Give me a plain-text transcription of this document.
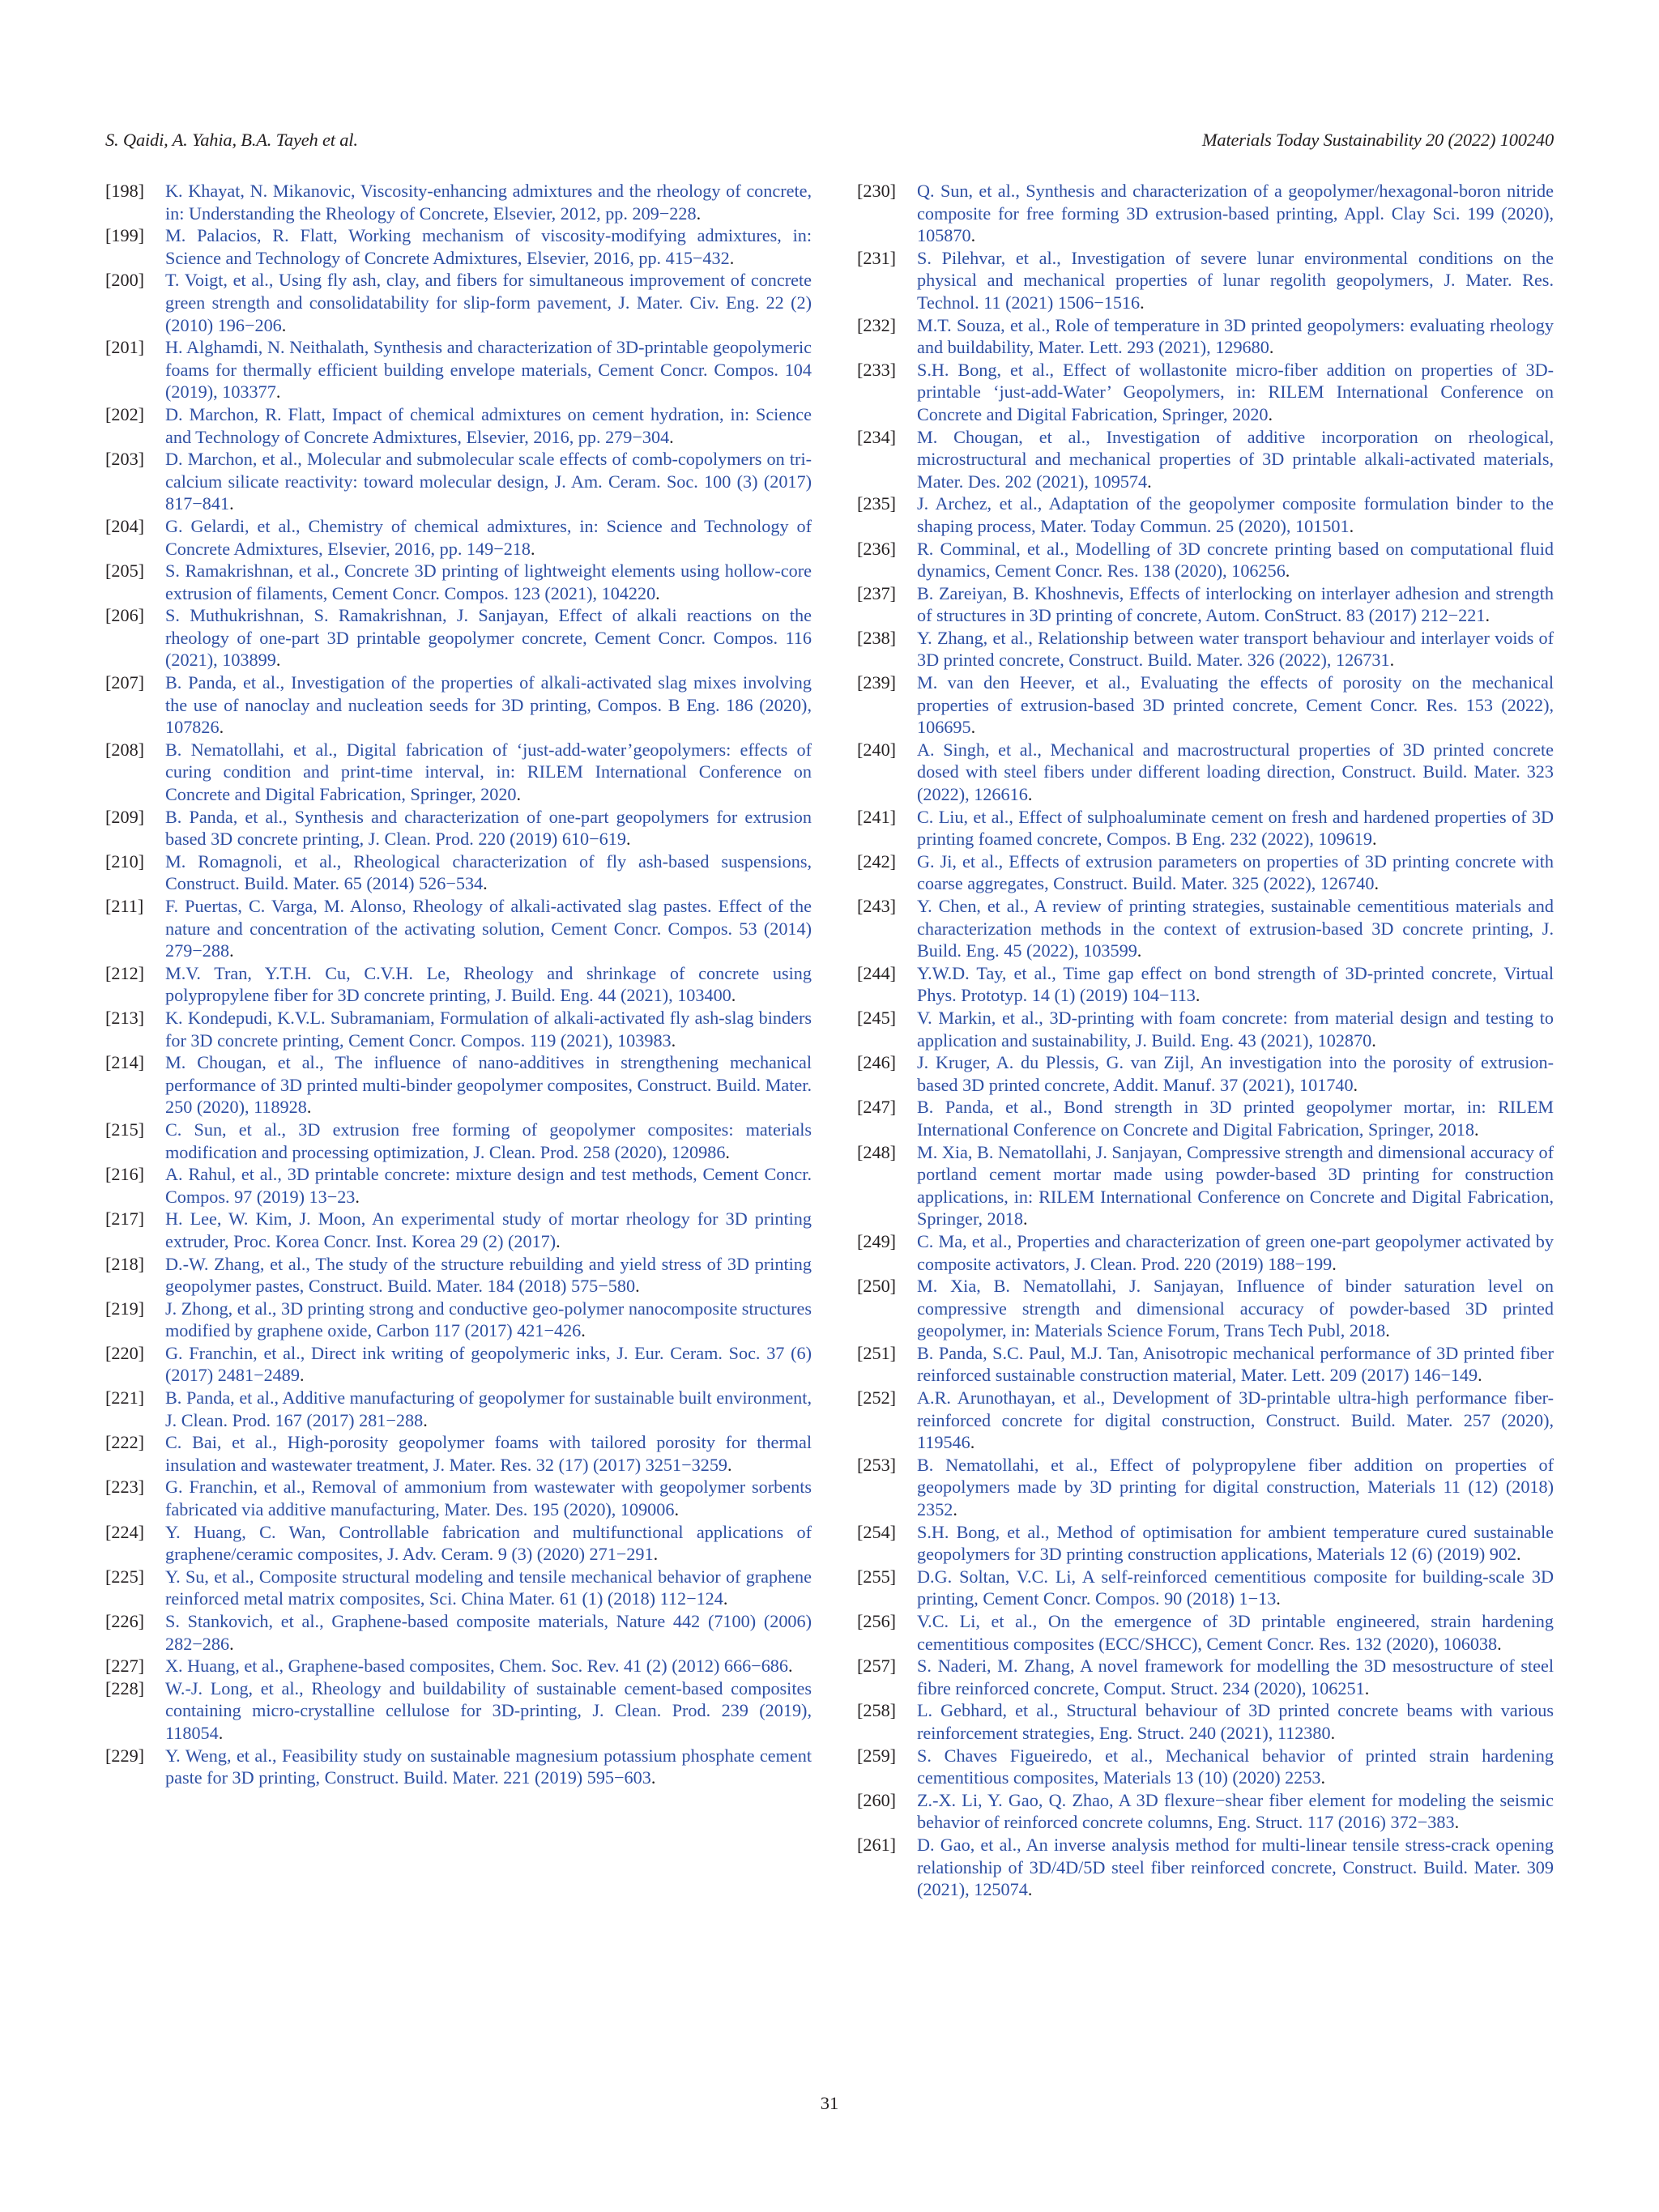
S. Qaidi, A. Yahia, B.A. Tayeh et al.	Materials Today Sustainability 20 (2022) 100240
[198]	K. Khayat, N. Mikanovic, Viscosity-enhancing admixtures and the rheology of concrete, in: Understanding the Rheology of Concrete, Elsevier, 2012, pp. 209−228.
[199]	M. Palacios, R. Flatt, Working mechanism of viscosity-modifying admixtures, in: Science and Technology of Concrete Admixtures, Elsevier, 2016, pp. 415−432.
[200]	T. Voigt, et al., Using fly ash, clay, and fibers for simultaneous improvement of concrete green strength and consolidatability for slip-form pavement, J. Mater. Civ. Eng. 22 (2) (2010) 196−206.
[201]	H. Alghamdi, N. Neithalath, Synthesis and characterization of 3D-printable geopolymeric foams for thermally efficient building envelope materials, Cement Concr. Compos. 104 (2019), 103377.
[202]	D. Marchon, R. Flatt, Impact of chemical admixtures on cement hydration, in: Science and Technology of Concrete Admixtures, Elsevier, 2016, pp. 279−304.
[203]	D. Marchon, et al., Molecular and submolecular scale effects of comb-copolymers on tri-calcium silicate reactivity: toward molecular design, J. Am. Ceram. Soc. 100 (3) (2017) 817−841.
[204]	G. Gelardi, et al., Chemistry of chemical admixtures, in: Science and Technology of Concrete Admixtures, Elsevier, 2016, pp. 149−218.
[205]	S. Ramakrishnan, et al., Concrete 3D printing of lightweight elements using hollow-core extrusion of filaments, Cement Concr. Compos. 123 (2021), 104220.
[206]	S. Muthukrishnan, S. Ramakrishnan, J. Sanjayan, Effect of alkali reactions on the rheology of one-part 3D printable geopolymer concrete, Cement Concr. Compos. 116 (2021), 103899.
[207]	B. Panda, et al., Investigation of the properties of alkali-activated slag mixes involving the use of nanoclay and nucleation seeds for 3D printing, Compos. B Eng. 186 (2020), 107826.
[208]	B. Nematollahi, et al., Digital fabrication of ‘just-add-water’geopolymers: effects of curing condition and print-time interval, in: RILEM International Conference on Concrete and Digital Fabrication, Springer, 2020.
[209]	B. Panda, et al., Synthesis and characterization of one-part geopolymers for extrusion based 3D concrete printing, J. Clean. Prod. 220 (2019) 610−619.
[210]	M. Romagnoli, et al., Rheological characterization of fly ash-based suspensions, Construct. Build. Mater. 65 (2014) 526−534.
[211]	F. Puertas, C. Varga, M. Alonso, Rheology of alkali-activated slag pastes. Effect of the nature and concentration of the activating solution, Cement Concr. Compos. 53 (2014) 279−288.
[212]	M.V. Tran, Y.T.H. Cu, C.V.H. Le, Rheology and shrinkage of concrete using polypropylene fiber for 3D concrete printing, J. Build. Eng. 44 (2021), 103400.
[213]	K. Kondepudi, K.V.L. Subramaniam, Formulation of alkali-activated fly ash-slag binders for 3D concrete printing, Cement Concr. Compos. 119 (2021), 103983.
[214]	M. Chougan, et al., The influence of nano-additives in strengthening mechanical performance of 3D printed multi-binder geopolymer composites, Construct. Build. Mater. 250 (2020), 118928.
[215]	C. Sun, et al., 3D extrusion free forming of geopolymer composites: materials modification and processing optimization, J. Clean. Prod. 258 (2020), 120986.
[216]	A. Rahul, et al., 3D printable concrete: mixture design and test methods, Cement Concr. Compos. 97 (2019) 13−23.
[217]	H. Lee, W. Kim, J. Moon, An experimental study of mortar rheology for 3D printing extruder, Proc. Korea Concr. Inst. Korea 29 (2) (2017).
[218]	D.-W. Zhang, et al., The study of the structure rebuilding and yield stress of 3D printing geopolymer pastes, Construct. Build. Mater. 184 (2018) 575−580.
[219]	J. Zhong, et al., 3D printing strong and conductive geo-polymer nanocomposite structures modified by graphene oxide, Carbon 117 (2017) 421−426.
[220]	G. Franchin, et al., Direct ink writing of geopolymeric inks, J. Eur. Ceram. Soc. 37 (6) (2017) 2481−2489.
[221]	B. Panda, et al., Additive manufacturing of geopolymer for sustainable built environment, J. Clean. Prod. 167 (2017) 281−288.
[222]	C. Bai, et al., High-porosity geopolymer foams with tailored porosity for thermal insulation and wastewater treatment, J. Mater. Res. 32 (17) (2017) 3251−3259.
[223]	G. Franchin, et al., Removal of ammonium from wastewater with geopolymer sorbents fabricated via additive manufacturing, Mater. Des. 195 (2020), 109006.
[224]	Y. Huang, C. Wan, Controllable fabrication and multifunctional applications of graphene/ceramic composites, J. Adv. Ceram. 9 (3) (2020) 271−291.
[225]	Y. Su, et al., Composite structural modeling and tensile mechanical behavior of graphene reinforced metal matrix composites, Sci. China Mater. 61 (1) (2018) 112−124.
[226]	S. Stankovich, et al., Graphene-based composite materials, Nature 442 (7100) (2006) 282−286.
[227]	X. Huang, et al., Graphene-based composites, Chem. Soc. Rev. 41 (2) (2012) 666−686.
[228]	W.-J. Long, et al., Rheology and buildability of sustainable cement-based composites containing micro-crystalline cellulose for 3D-printing, J. Clean. Prod. 239 (2019), 118054.
[229]	Y. Weng, et al., Feasibility study on sustainable magnesium potassium phosphate cement paste for 3D printing, Construct. Build. Mater. 221 (2019) 595−603.
[230]	Q. Sun, et al., Synthesis and characterization of a geopolymer/hexagonal-boron nitride composite for free forming 3D extrusion-based printing, Appl. Clay Sci. 199 (2020), 105870.
[231]	S. Pilehvar, et al., Investigation of severe lunar environmental conditions on the physical and mechanical properties of lunar regolith geopolymers, J. Mater. Res. Technol. 11 (2021) 1506−1516.
[232]	M.T. Souza, et al., Role of temperature in 3D printed geopolymers: evaluating rheology and buildability, Mater. Lett. 293 (2021), 129680.
[233]	S.H. Bong, et al., Effect of wollastonite micro-fiber addition on properties of 3D-printable ‘just-add-Water’ Geopolymers, in: RILEM International Conference on Concrete and Digital Fabrication, Springer, 2020.
[234]	M. Chougan, et al., Investigation of additive incorporation on rheological, microstructural and mechanical properties of 3D printable alkali-activated materials, Mater. Des. 202 (2021), 109574.
[235]	J. Archez, et al., Adaptation of the geopolymer composite formulation binder to the shaping process, Mater. Today Commun. 25 (2020), 101501.
[236]	R. Comminal, et al., Modelling of 3D concrete printing based on computational fluid dynamics, Cement Concr. Res. 138 (2020), 106256.
[237]	B. Zareiyan, B. Khoshnevis, Effects of interlocking on interlayer adhesion and strength of structures in 3D printing of concrete, Autom. ConStruct. 83 (2017) 212−221.
[238]	Y. Zhang, et al., Relationship between water transport behaviour and interlayer voids of 3D printed concrete, Construct. Build. Mater. 326 (2022), 126731.
[239]	M. van den Heever, et al., Evaluating the effects of porosity on the mechanical properties of extrusion-based 3D printed concrete, Cement Concr. Res. 153 (2022), 106695.
[240]	A. Singh, et al., Mechanical and macrostructural properties of 3D printed concrete dosed with steel fibers under different loading direction, Construct. Build. Mater. 323 (2022), 126616.
[241]	C. Liu, et al., Effect of sulphoaluminate cement on fresh and hardened properties of 3D printing foamed concrete, Compos. B Eng. 232 (2022), 109619.
[242]	G. Ji, et al., Effects of extrusion parameters on properties of 3D printing concrete with coarse aggregates, Construct. Build. Mater. 325 (2022), 126740.
[243]	Y. Chen, et al., A review of printing strategies, sustainable cementitious materials and characterization methods in the context of extrusion-based 3D concrete printing, J. Build. Eng. 45 (2022), 103599.
[244]	Y.W.D. Tay, et al., Time gap effect on bond strength of 3D-printed concrete, Virtual Phys. Prototyp. 14 (1) (2019) 104−113.
[245]	V. Markin, et al., 3D-printing with foam concrete: from material design and testing to application and sustainability, J. Build. Eng. 43 (2021), 102870.
[246]	J. Kruger, A. du Plessis, G. van Zijl, An investigation into the porosity of extrusion-based 3D printed concrete, Addit. Manuf. 37 (2021), 101740.
[247]	B. Panda, et al., Bond strength in 3D printed geopolymer mortar, in: RILEM International Conference on Concrete and Digital Fabrication, Springer, 2018.
[248]	M. Xia, B. Nematollahi, J. Sanjayan, Compressive strength and dimensional accuracy of portland cement mortar made using powder-based 3D printing for construction applications, in: RILEM International Conference on Concrete and Digital Fabrication, Springer, 2018.
[249]	C. Ma, et al., Properties and characterization of green one-part geopolymer activated by composite activators, J. Clean. Prod. 220 (2019) 188−199.
[250]	M. Xia, B. Nematollahi, J. Sanjayan, Influence of binder saturation level on compressive strength and dimensional accuracy of powder-based 3D printed geopolymer, in: Materials Science Forum, Trans Tech Publ, 2018.
[251]	B. Panda, S.C. Paul, M.J. Tan, Anisotropic mechanical performance of 3D printed fiber reinforced sustainable construction material, Mater. Lett. 209 (2017) 146−149.
[252]	A.R. Arunothayan, et al., Development of 3D-printable ultra-high performance fiber-reinforced concrete for digital construction, Construct. Build. Mater. 257 (2020), 119546.
[253]	B. Nematollahi, et al., Effect of polypropylene fiber addition on properties of geopolymers made by 3D printing for digital construction, Materials 11 (12) (2018) 2352.
[254]	S.H. Bong, et al., Method of optimisation for ambient temperature cured sustainable geopolymers for 3D printing construction applications, Materials 12 (6) (2019) 902.
[255]	D.G. Soltan, V.C. Li, A self-reinforced cementitious composite for building-scale 3D printing, Cement Concr. Compos. 90 (2018) 1−13.
[256]	V.C. Li, et al., On the emergence of 3D printable engineered, strain hardening cementitious composites (ECC/SHCC), Cement Concr. Res. 132 (2020), 106038.
[257]	S. Naderi, M. Zhang, A novel framework for modelling the 3D mesostructure of steel fibre reinforced concrete, Comput. Struct. 234 (2020), 106251.
[258]	L. Gebhard, et al., Structural behaviour of 3D printed concrete beams with various reinforcement strategies, Eng. Struct. 240 (2021), 112380.
[259]	S. Chaves Figueiredo, et al., Mechanical behavior of printed strain hardening cementitious composites, Materials 13 (10) (2020) 2253.
[260]	Z.-X. Li, Y. Gao, Q. Zhao, A 3D flexure−shear fiber element for modeling the seismic behavior of reinforced concrete columns, Eng. Struct. 117 (2016) 372−383.
[261]	D. Gao, et al., An inverse analysis method for multi-linear tensile stress-crack opening relationship of 3D/4D/5D steel fiber reinforced concrete, Construct. Build. Mater. 309 (2021), 125074.
31
